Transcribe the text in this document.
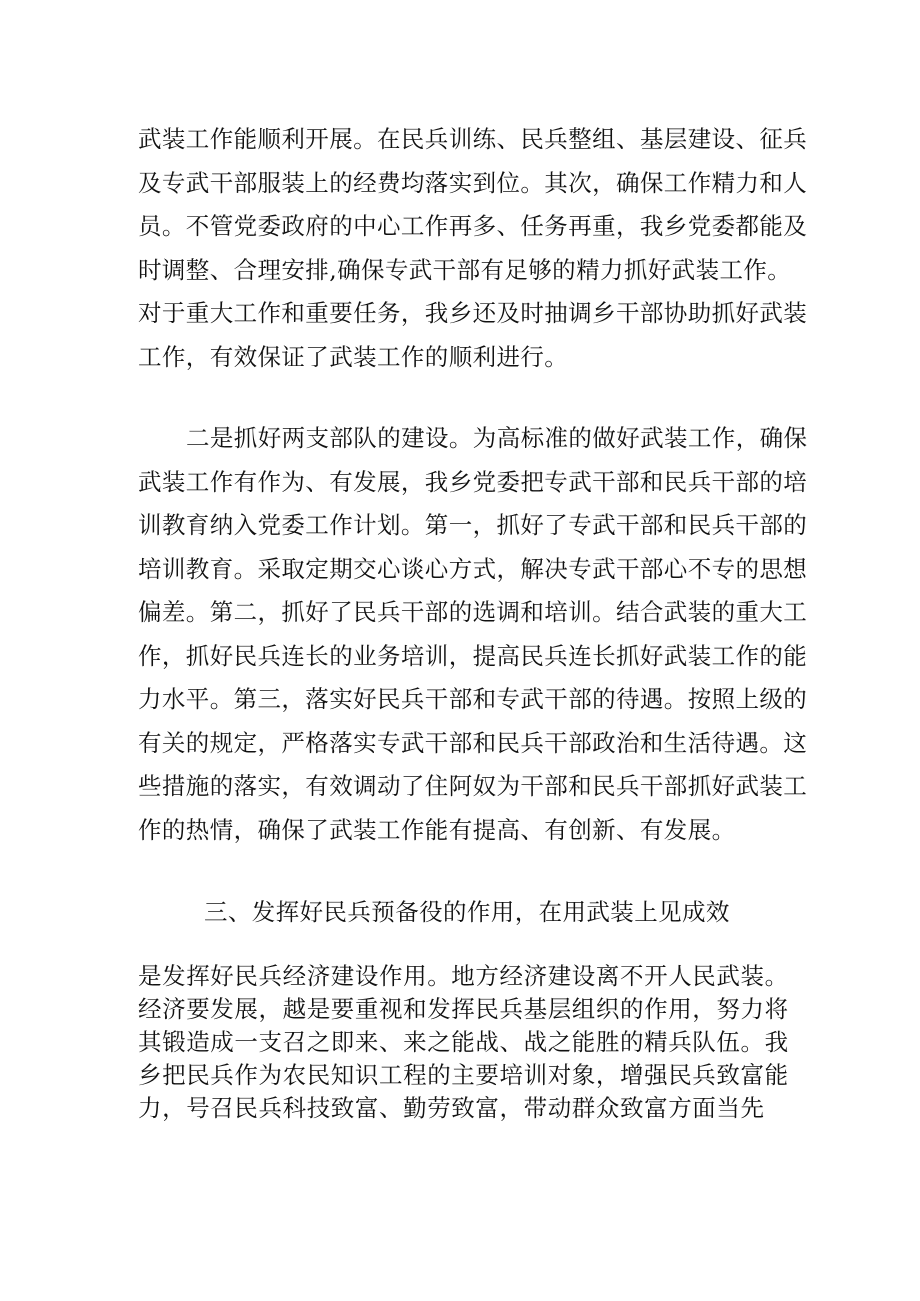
武装工作能顺利开展。在民兵训练、民兵整组、基层建设、征兵
及专武干部服装上的经费均落实到位。其次，确保工作精力和人
员。不管党委政府的中心工作再多、任务再重，我乡党委都能及
时调整、合理安排,确保专武干部有足够的精力抓好武装工作。
对于重大工作和重要任务，我乡还及时抽调乡干部协助抓好武装
工作，有效保证了武装工作的顺利进行。
二是抓好两支部队的建设。为高标准的做好武装工作，确保
武装工作有作为、有发展，我乡党委把专武干部和民兵干部的培
训教育纳入党委工作计划。第一，抓好了专武干部和民兵干部的
培训教育。采取定期交心谈心方式，解决专武干部心不专的思想
偏差。第二，抓好了民兵干部的选调和培训。结合武装的重大工
作，抓好民兵连长的业务培训，提高民兵连长抓好武装工作的能
力水平。第三，落实好民兵干部和专武干部的待遇。按照上级的
有关的规定，严格落实专武干部和民兵干部政治和生活待遇。这
些措施的落实，有效调动了住阿奴为干部和民兵干部抓好武装工
作的热情，确保了武装工作能有提高、有创新、有发展。
三、发挥好民兵预备役的作用，在用武装上见成效
是发挥好民兵经济建设作用。地方经济建设离不开人民武装。
经济要发展，越是要重视和发挥民兵基层组织的作用，努力将
其锻造成一支召之即来、来之能战、战之能胜的精兵队伍。我
乡把民兵作为农民知识工程的主要培训对象，增强民兵致富能
力，号召民兵科技致富、勤劳致富，带动群众致富方面当先
